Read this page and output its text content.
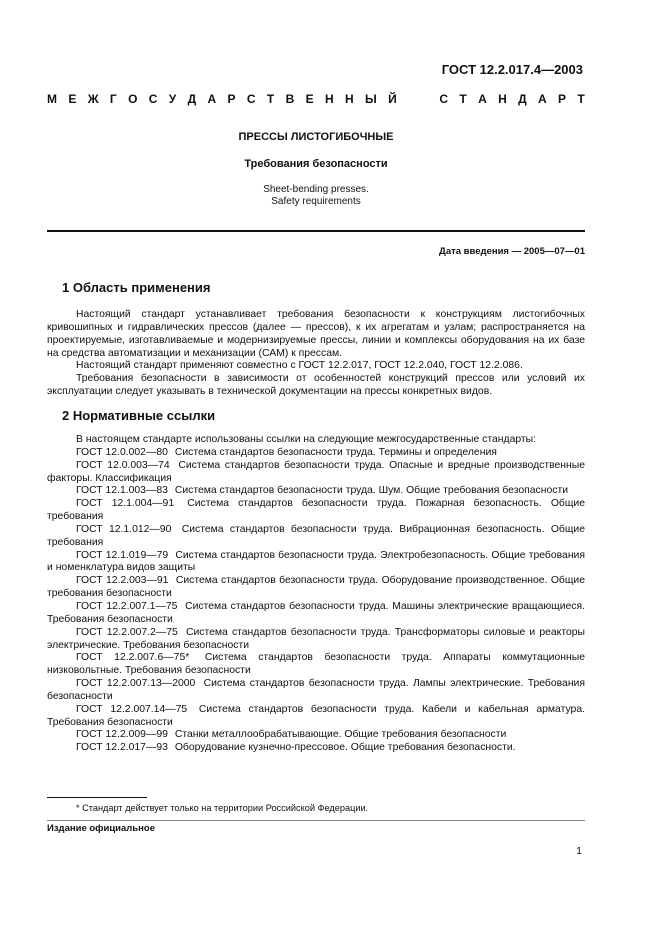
ГОСТ 12.2.017.4—2003
М Е Ж Г О С У Д А Р С Т В Е Н Н Ы Й	С Т А Н Д А Р Т
ПРЕССЫ ЛИСТОГИБОЧНЫЕ
Требования безопасности
Sheet-bending presses.
Safety requirements
Дата введения — 2005—07—01
1 Область применения

Настоящий стандарт устанавливает требования безопасности к конструкциям листогибочных кривошипных и гидравлических прессов (далее — прессов), к их агрегатам и узлам; распространяется на проектируемые, изготавливаемые и модернизируемые прессы, линии и комплексы оборудования на их базе на средства автоматизации и механизации (САМ) к прессам.

Настоящий стандарт применяют совместно с ГОСТ 12.2.017, ГОСТ 12.2.040, ГОСТ 12.2.086.

Требования безопасности в зависимости от особенностей конструкций прессов или условий их эксплуатации следует указывать в технической документации на прессы конкретных видов.

2 Нормативные ссылки

В настоящем стандарте использованы ссылки на следующие межгосударственные стандарты:

ГОСТ 12.0.002—80 Система стандартов безопасности труда. Термины и определения

ГОСТ 12.0.003—74 Система стандартов безопасности труда. Опасные и вредные производственные факторы. Классификация

ГОСТ 12.1.003—83 Система стандартов безопасности труда. Шум. Общие требования безопасности

ГОСТ 12.1.004—91 Система стандартов безопасности труда. Пожарная безопасность. Общие требования

ГОСТ 12.1.012—90 Система стандартов безопасности труда. Вибрационная безопасность. Общие требования

ГОСТ 12.1.019—79 Система стандартов безопасности труда. Электробезопасность. Общие требования и номенклатура видов защиты

ГОСТ 12.2.003—91 Система стандартов безопасности труда. Оборудование производственное. Общие требования безопасности

ГОСТ 12.2.007.1—75 Система стандартов безопасности труда. Машины электрические вращающиеся. Требования безопасности

ГОСТ 12.2.007.2—75 Система стандартов безопасности труда. Трансформаторы силовые и реакторы электрические. Требования безопасности

ГОСТ 12.2.007.6—75* Система стандартов безопасности труда. Аппараты коммутационные низковольтные. Требования безопасности

ГОСТ 12.2.007.13—2000 Система стандартов безопасности труда. Лампы электрические. Требования безопасности

ГОСТ 12.2.007.14—75 Система стандартов безопасности труда. Кабели и кабельная арматура. Требования безопасности

ГОСТ 12.2.009—99 Станки металлообрабатывающие. Общие требования безопасности

ГОСТ 12.2.017—93 Оборудование кузнечно-прессовое. Общие требования безопасности.

* Стандарт действует только на территории Российской Федерации.
Издание официальное
1
